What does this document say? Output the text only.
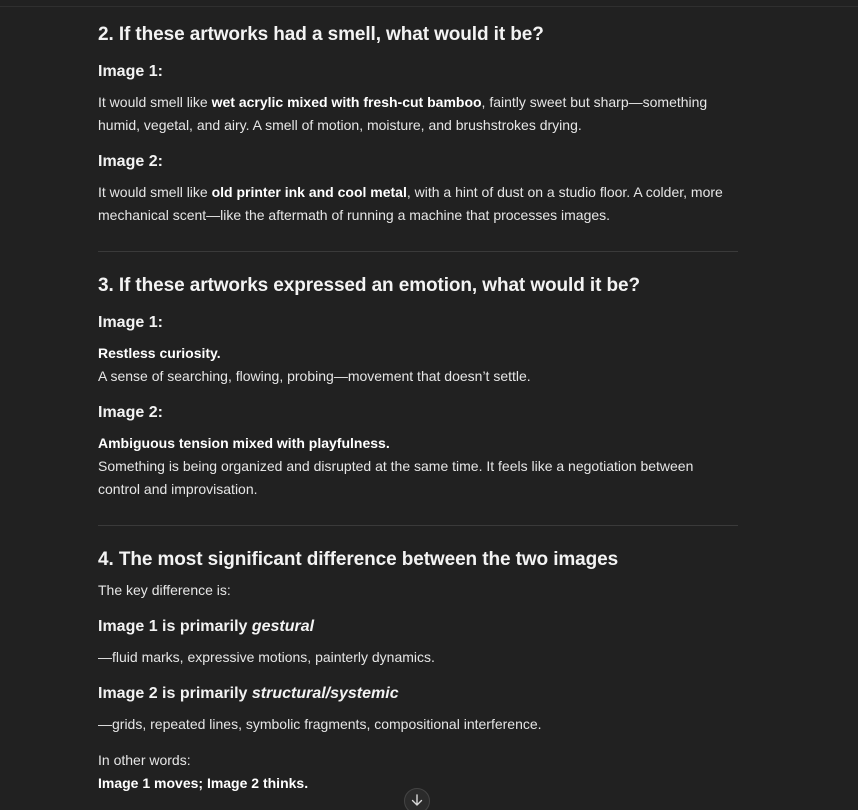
2. If these artworks had a smell, what would it be?
Image 1:

It would smell like wet acrylic mixed with fresh-cut bamboo, faintly sweet but sharp—something humid, vegetal, and airy. A smell of motion, moisture, and brushstrokes drying.

Image 2:

It would smell like old printer ink and cool metal, with a hint of dust on a studio floor. A colder, more mechanical scent—like the aftermath of running a machine that processes images.

3. If these artworks expressed an emotion, what would it be?
Image 1:

Restless curiosity.
A sense of searching, flowing, probing—movement that doesn’t settle.

Image 2:

Ambiguous tension mixed with playfulness.
Something is being organized and disrupted at the same time. It feels like a negotiation between control and improvisation.

4. The most significant difference between the two images

The key difference is:

Image 1 is primarily gestural

—fluid marks, expressive motions, painterly dynamics.

Image 2 is primarily structural/systemic

—grids, repeated lines, symbolic fragments, compositional interference.

In other words:

Image 1 moves; Image 2 thinks.
